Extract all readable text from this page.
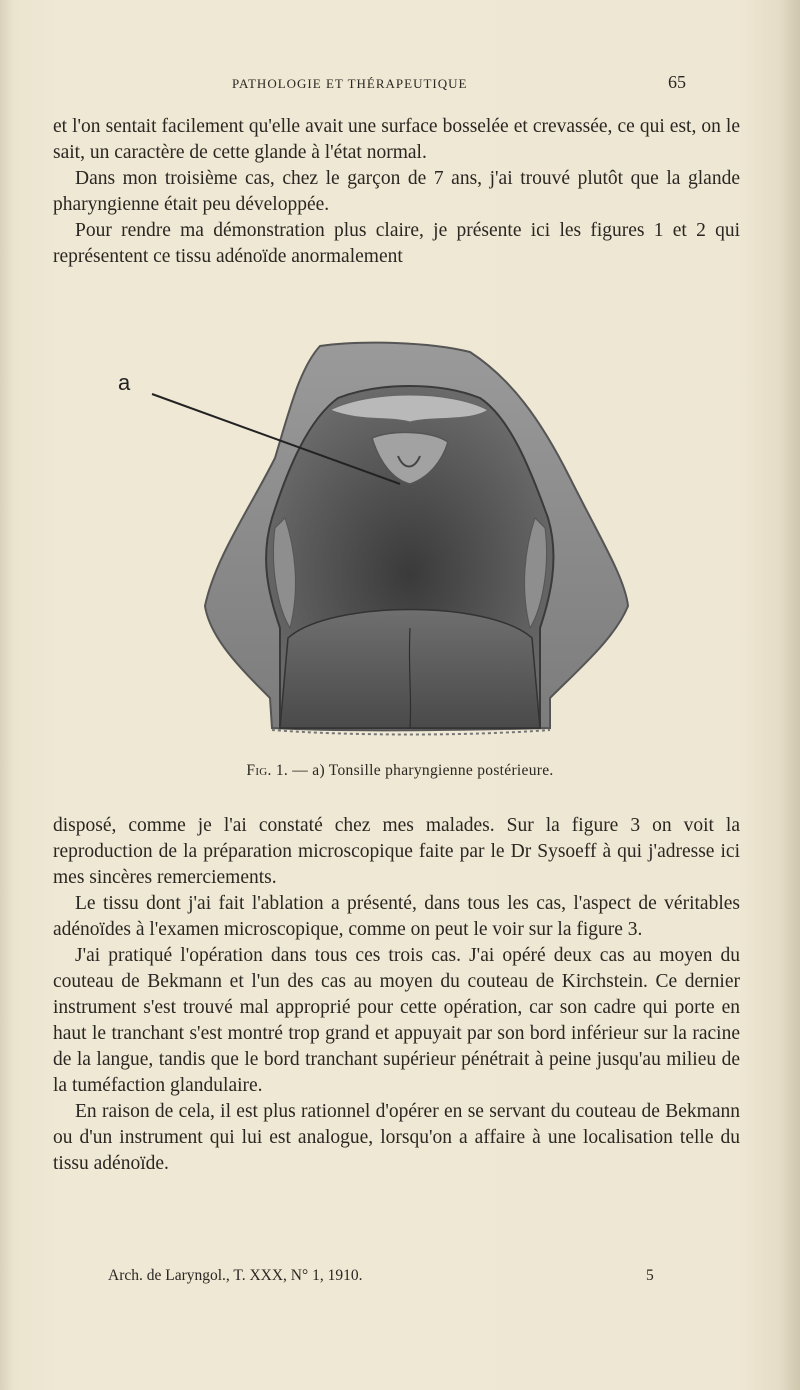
PATHOLOGIE ET THÉRAPEUTIQUE	65

et l'on sentait facilement qu'elle avait une surface bosselée et crevassée, ce qui est, on le sait, un caractère de cette glande à l'état normal.

Dans mon troisième cas, chez le garçon de 7 ans, j'ai trouvé plutôt que la glande pharyngienne était peu développée.

Pour rendre ma démonstration plus claire, je présente ici les figures 1 et 2 qui représentent ce tissu adénoïde anormalement

a
Fig. 1. — a) Tonsille pharyngienne postérieure.

disposé, comme je l'ai constaté chez mes malades. Sur la figure 3 on voit la reproduction de la préparation microscopique faite par le Dr Sysoeff à qui j'adresse ici mes sincères remerciements.

Le tissu dont j'ai fait l'ablation a présenté, dans tous les cas, l'aspect de véritables adénoïdes à l'examen microscopique, comme on peut le voir sur la figure 3.

J'ai pratiqué l'opération dans tous ces trois cas. J'ai opéré deux cas au moyen du couteau de Bekmann et l'un des cas au moyen du couteau de Kirchstein. Ce dernier instrument s'est trouvé mal approprié pour cette opération, car son cadre qui porte en haut le tranchant s'est montré trop grand et appuyait par son bord inférieur sur la racine de la langue, tandis que le bord tranchant supérieur pénétrait à peine jusqu'au milieu de la tuméfaction glandulaire.

En raison de cela, il est plus rationnel d'opérer en se servant du couteau de Bekmann ou d'un instrument qui lui est analogue, lorsqu'on a affaire à une localisation telle du tissu adénoïde.

Arch. de Laryngol., T. XXX, N° 1, 1910.	5
